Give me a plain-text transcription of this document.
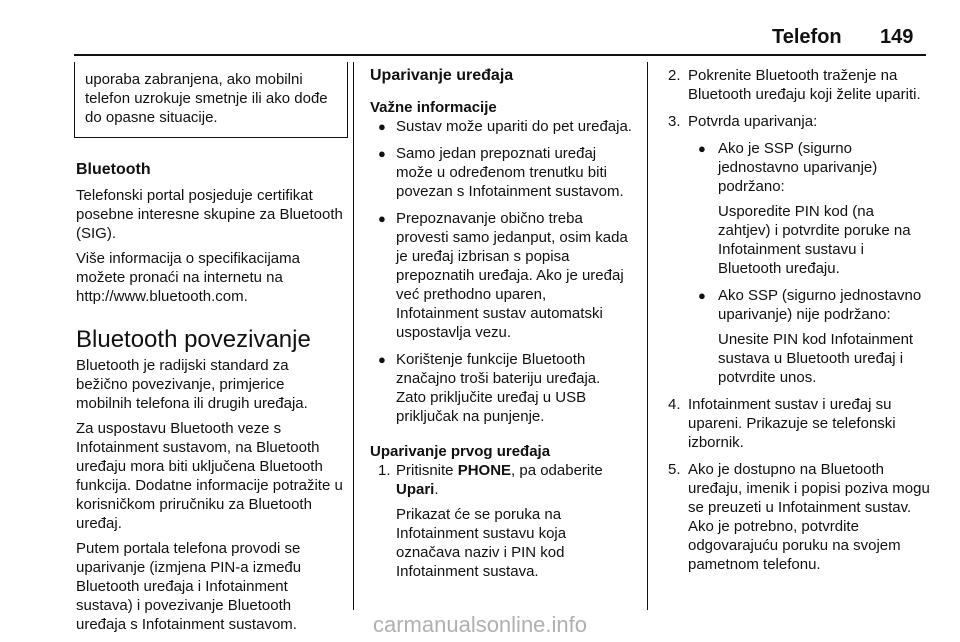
Telefon 149

uporaba zabranjena, ako mobilni telefon uzrokuje smetnje ili ako dođe do opasne situacije.

Bluetooth

Telefonski portal posjeduje certifikat posebne interesne skupine za Bluetooth (SIG).

Više informacija o specifikacijama možete pronaći na internetu na http://www.bluetooth.com.

Bluetooth povezivanje

Bluetooth je radijski standard za bežično povezivanje, primjerice mobilnih telefona ili drugih uređaja.

Za uspostavu Bluetooth veze s Infotainment sustavom, na Bluetooth uređaju mora biti uključena Bluetooth funkcija. Dodatne informacije potražite u korisničkom priručniku za Bluetooth uređaj.

Putem portala telefona provodi se uparivanje (izmjena PIN-a između Bluetooth uređaja i Infotainment sustava) i povezivanje Bluetooth uređaja s Infotainment sustavom.

Uparivanje uređaja
Važne informacije
● Sustav može upariti do pet uređaja.
● Samo jedan prepoznati uređaj može u određenom trenutku biti povezan s Infotainment sustavom.
● Prepoznavanje obično treba provesti samo jedanput, osim kada je uređaj izbrisan s popisa prepoznatih uređaja. Ako je uređaj već prethodno uparen, Infotainment sustav automatski uspostavlja vezu.
● Korištenje funkcije Bluetooth značajno troši bateriju uređaja. Zato priključite uređaj u USB priključak na punjenje.
Uparivanje prvog uređaja
1. Pritisnite PHONE, pa odaberite Upari.

Prikazat će se poruka na Infotainment sustavu koja označava naziv i PIN kod Infotainment sustava.

2. Pokrenite Bluetooth traženje na Bluetooth uređaju koji želite upariti.
3. Potvrda uparivanja:
● Ako je SSP (sigurno jednostavno uparivanje) podržano:

Usporedite PIN kod (na zahtjev) i potvrdite poruke na Infotainment sustavu i Bluetooth uređaju.

● Ako SSP (sigurno jednostavno uparivanje) nije podržano:

Unesite PIN kod Infotainment sustava u Bluetooth uređaj i potvrdite unos.

4. Infotainment sustav i uređaj su upareni. Prikazuje se telefonski izbornik.
5. Ako je dostupno na Bluetooth uređaju, imenik i popisi poziva mogu se preuzeti u Infotainment sustav. Ako je potrebno, potvrdite odgovarajuću poruku na svojem pametnom telefonu.
carmanualsonline.info
